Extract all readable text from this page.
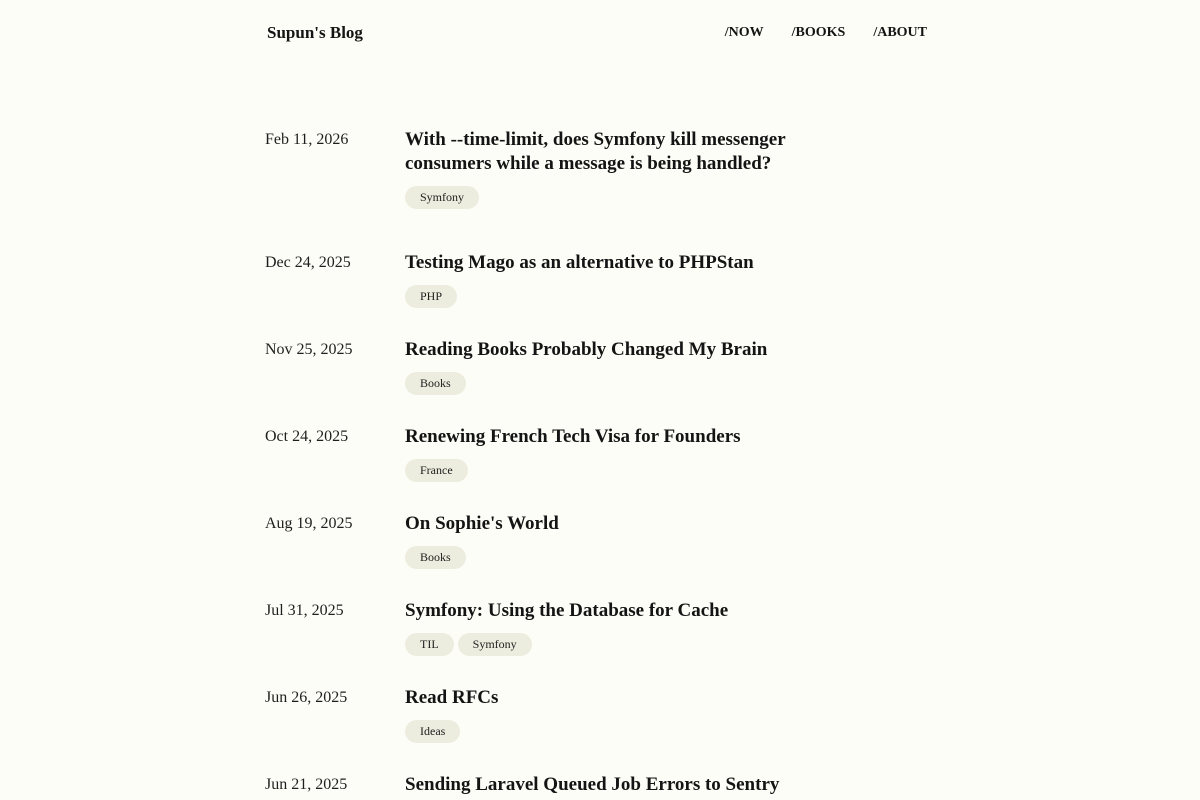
Supun's Blog	/NOW /BOOKS /ABOUT
Feb 11, 2026	With --time-limit, does Symfony kill messenger consumers while a message is being handled?
Symfony
Dec 24, 2025	Testing Mago as an alternative to PHPStan
PHP
Nov 25, 2025	Reading Books Probably Changed My Brain
Books
Oct 24, 2025	Renewing French Tech Visa for Founders
France
Aug 19, 2025	On Sophie's World
Books
Jul 31, 2025	Symfony: Using the Database for Cache
TIL	Symfony
Jun 26, 2025	Read RFCs
Ideas
Jun 21, 2025	Sending Laravel Queued Job Errors to Sentry
